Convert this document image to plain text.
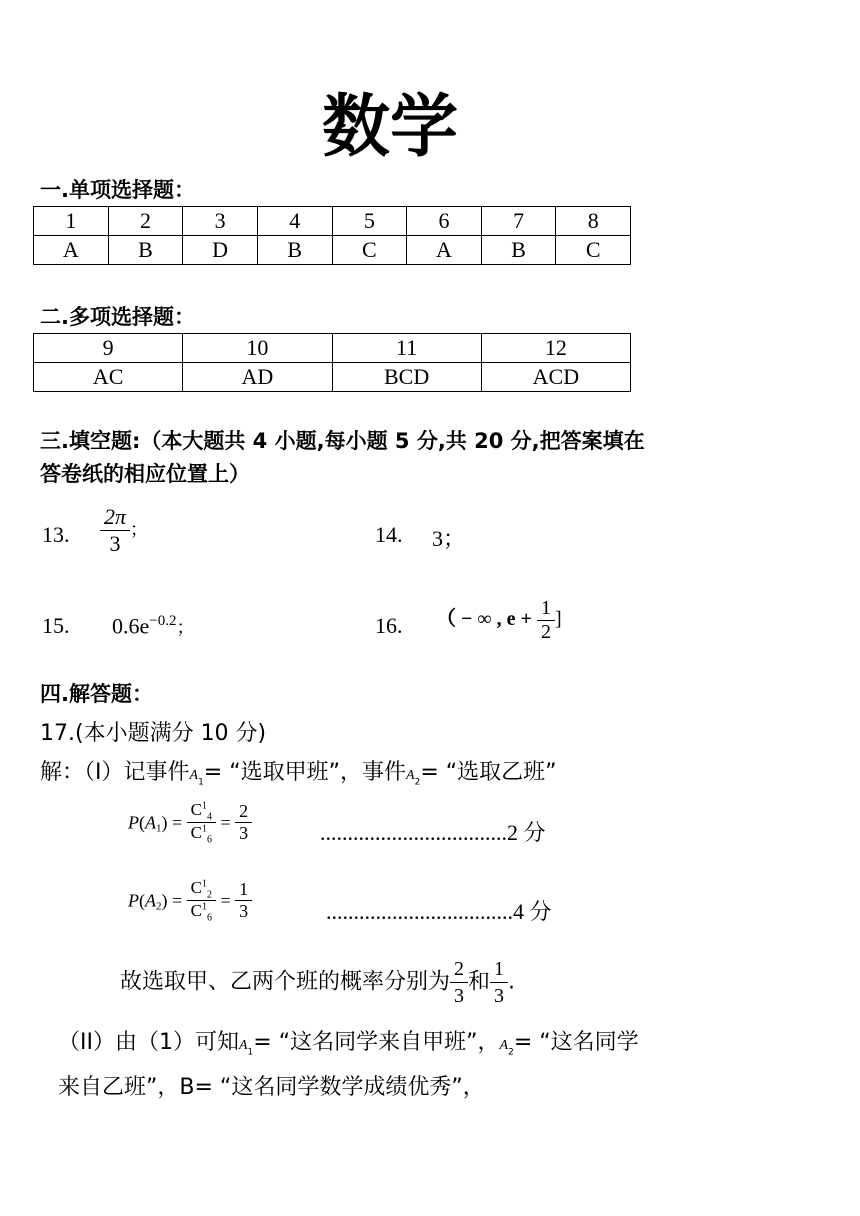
数学
一.单项选择题：
1	2	3	4	5	6	7	8
A	B	D	B	C	A	B	C
二.多项选择题：
9	10	11	12
AC	AD	BCD	ACD
三.填空题:（本大题共 4 小题,每小题 5 分,共 20 分,把答案填在
答卷纸的相应位置上）
13. $\frac{2\pi}{3}$ ；	14. 3；
15. $0.6e^{-0.2}$；	16. （ − ∞ , $e + \frac{1}{2}$ ]
四.解答题：
17.(本小题满分 10 分)
解：（I）记事件$A_1=$ “选取甲班”，事件$A_2=$ “选取乙班”
$P(A_1) = \frac{C^1_4}{C^1_6} = \frac{2}{3}$	..................................2 分
$P(A_2) = \frac{C^1_2}{C^1_6} = \frac{1}{3}$	..................................4 分
故选取甲、乙两个班的概率分别为 $\frac{2}{3}$ 和 $\frac{1}{3}$ .
（II）由（1）可知$A_1=$ “这名同学来自甲班”，$A_2=$ “这名同学
来自乙班”，B= “这名同学数学成绩优秀”，
